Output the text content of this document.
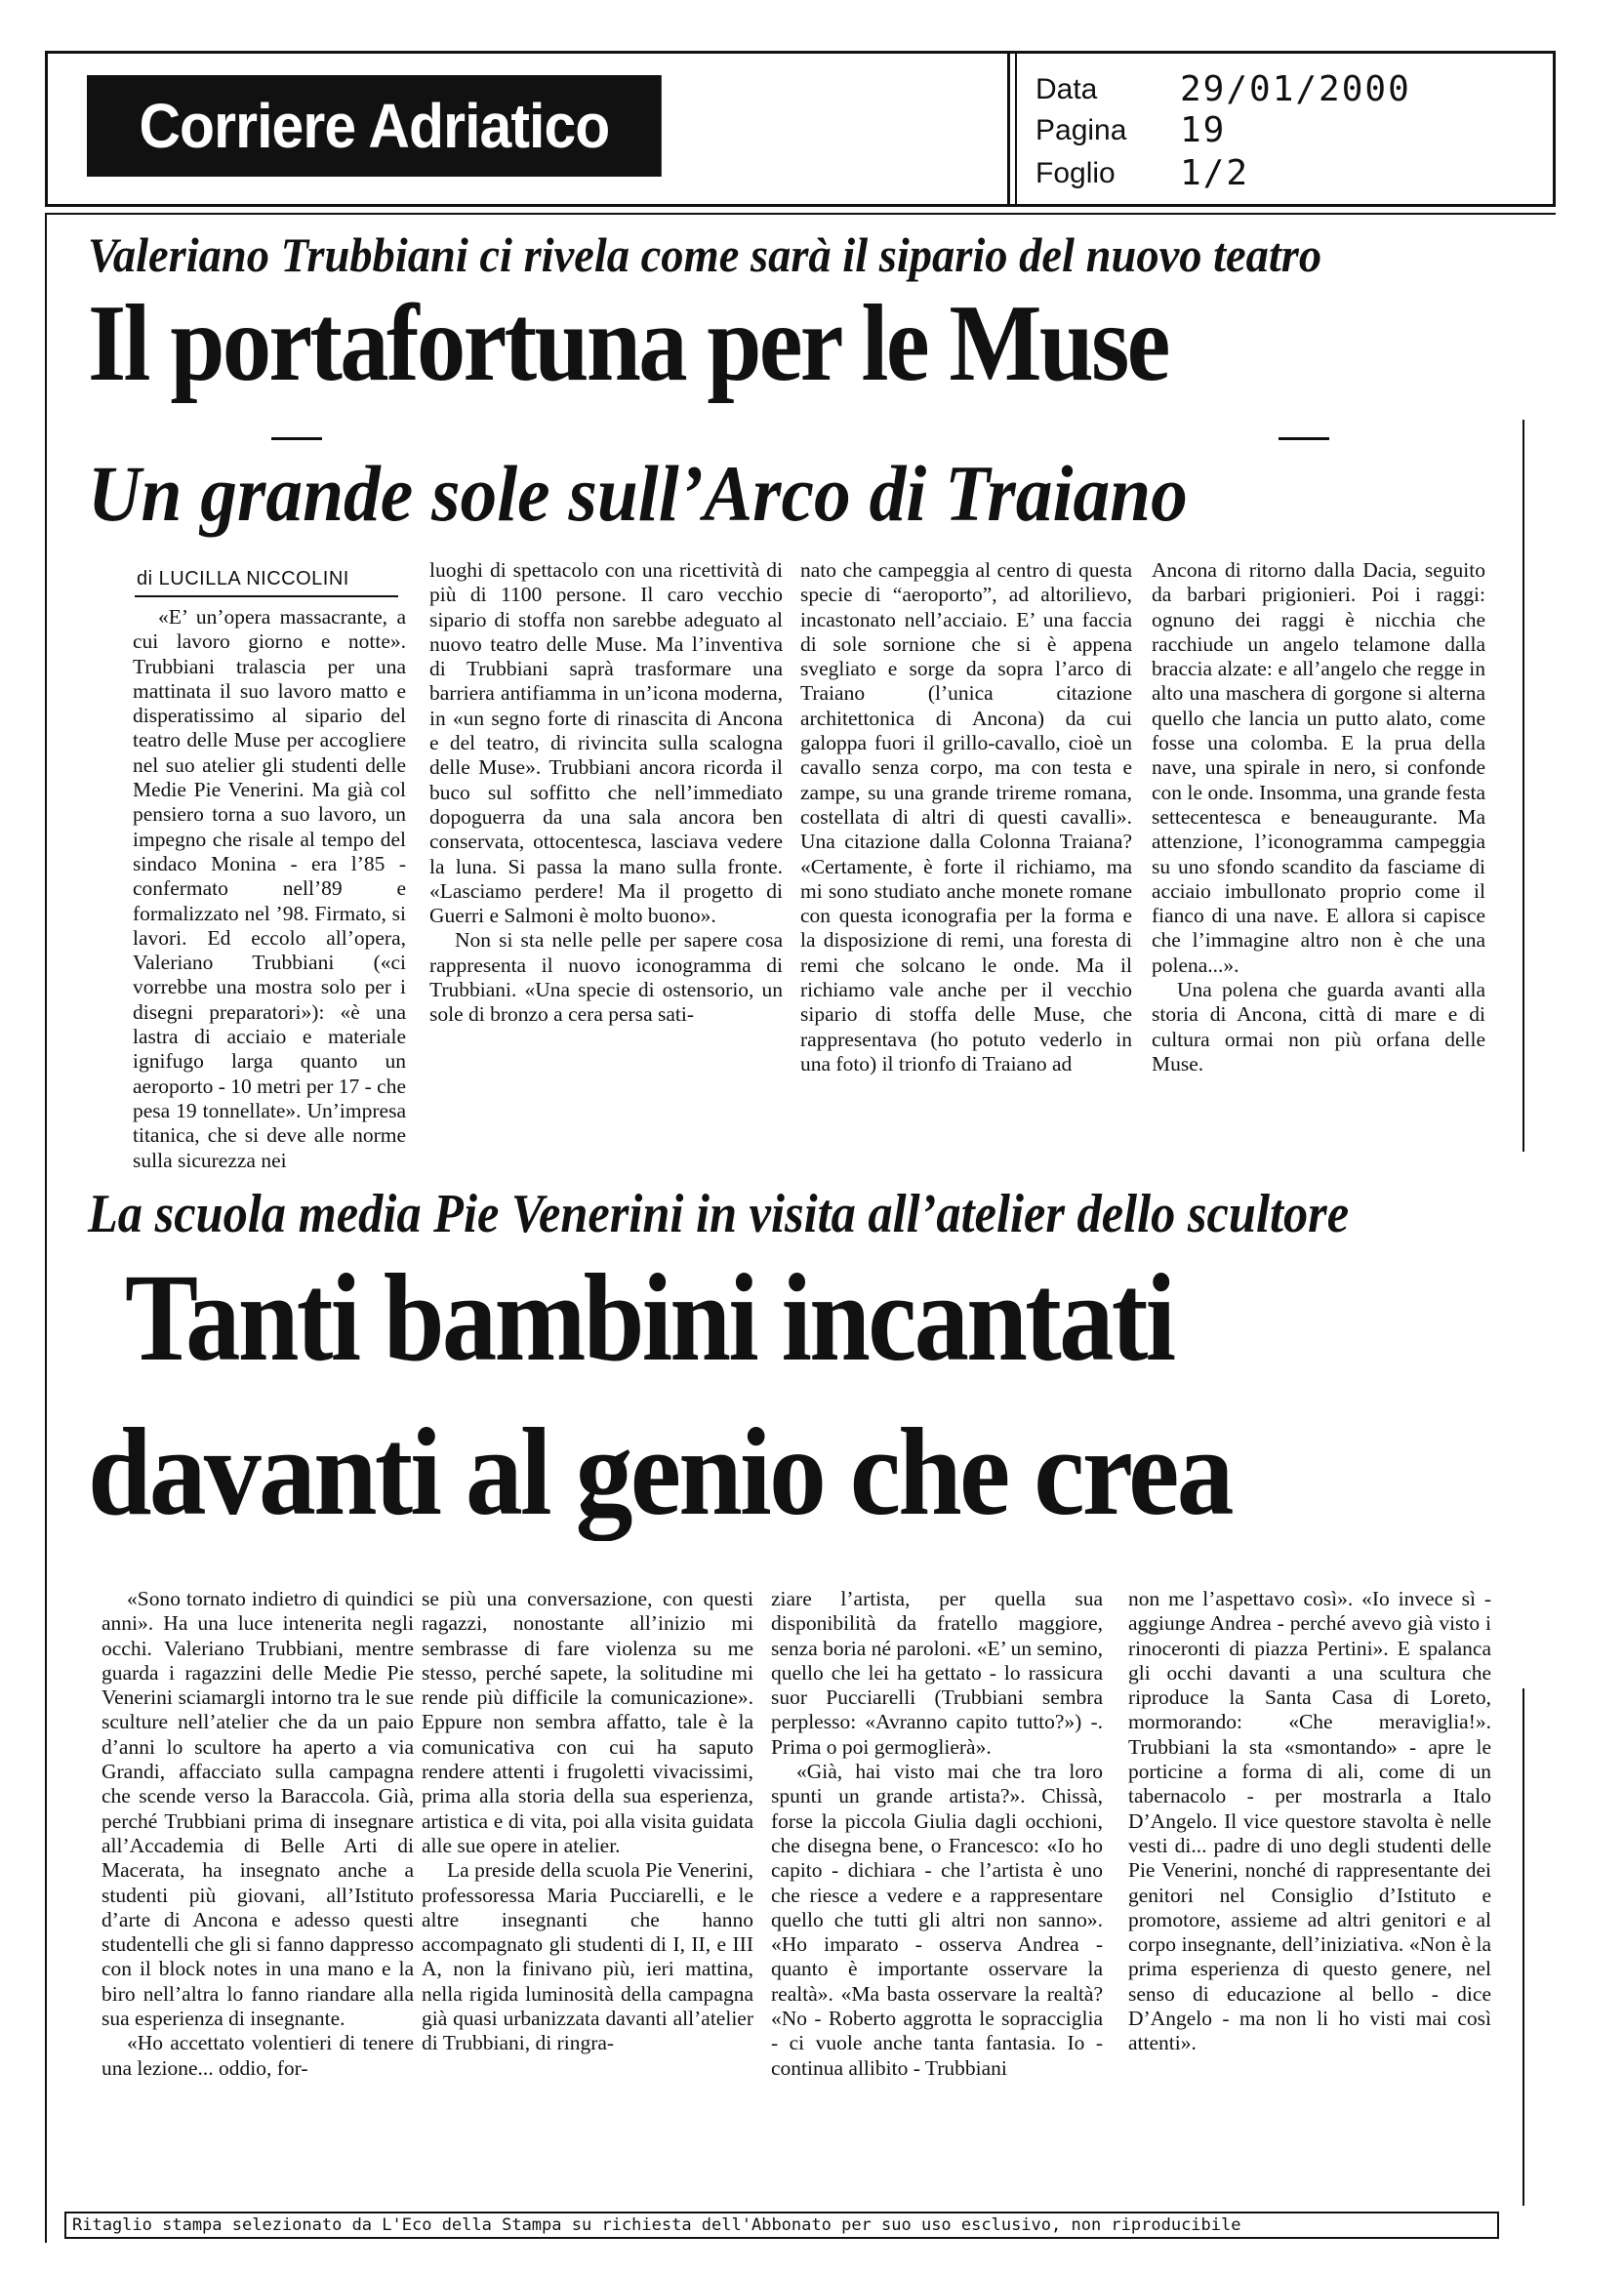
Corriere Adriatico
Data 29/01/2000
Pagina 19
Foglio 1/2
Valeriano Trubbiani ci rivela come sarà il sipario del nuovo teatro
Il portafortuna per le Muse
Un grande sole sull’Arco di Traiano
di LUCILLA NICCOLINI

«E’ un’opera massacrante, a cui lavoro giorno e notte». Trubbiani tralascia per una mattinata il suo lavoro matto e disperatissimo al sipario del teatro delle Muse per accogliere nel suo atelier gli studenti delle Medie Pie Venerini. Ma già col pensiero torna a suo lavoro, un impegno che risale al tempo del sindaco Monina - era l’85 - confermato nell’89 e formalizzato nel ’98. Firmato, si lavori. Ed eccolo all’opera, Valeriano Trubbiani («ci vorrebbe una mostra solo per i disegni preparatori»): «è una lastra di acciaio e materiale ignifugo larga quanto un aeroporto - 10 metri per 17 - che pesa 19 tonnellate». Un’impresa titanica, che si deve alle norme sulla sicurezza nei

luoghi di spettacolo con una ricettività di più di 1100 persone. Il caro vecchio sipario di stoffa non sarebbe adeguato al nuovo teatro delle Muse. Ma l’inventiva di Trubbiani saprà trasformare una barriera antifiamma in un’icona moderna, in «un segno forte di rinascita di Ancona e del teatro, di rivincita sulla scalogna delle Muse». Trubbiani ancora ricorda il buco sul soffitto che nell’immediato dopoguerra da una sala ancora ben conservata, ottocentesca, lasciava vedere la luna. Si passa la mano sulla fronte. «Lasciamo perdere! Ma il progetto di Guerri e Salmoni è molto buono».

Non si sta nelle pelle per sapere cosa rappresenta il nuovo iconogramma di Trubbiani. «Una specie di ostensorio, un sole di bronzo a cera persa sati-

nato che campeggia al centro di questa specie di “aeroporto”, ad altorilievo, incastonato nell’acciaio. E’ una faccia di sole sornione che si è appena svegliato e sorge da sopra l’arco di Traiano (l’unica citazione architettonica di Ancona) da cui galoppa fuori il grillo-cavallo, cioè un cavallo senza corpo, ma con testa e zampe, su una grande trireme romana, costellata di altri di questi cavalli». Una citazione dalla Colonna Traiana? «Certamente, è forte il richiamo, ma mi sono studiato anche monete romane con questa iconografia per la forma e la disposizione di remi, una foresta di remi che solcano le onde. Ma il richiamo vale anche per il vecchio sipario di stoffa delle Muse, che rappresentava (ho potuto vederlo in una foto) il trionfo di Traiano ad

Ancona di ritorno dalla Dacia, seguito da barbari prigionieri. Poi i raggi: ognuno dei raggi è nicchia che racchiude un angelo telamone dalla braccia alzate: e all’angelo che regge in alto una maschera di gorgone si alterna quello che lancia un putto alato, come fosse una colomba. E la prua della nave, una spirale in nero, si confonde con le onde. Insomma, una grande festa settecentesca e beneaugurante. Ma attenzione, l’iconogramma campeggia su uno sfondo scandito da fasciame di acciaio imbullonato proprio come il fianco di una nave. E allora si capisce che l’immagine altro non è che una polena...».

Una polena che guarda avanti alla storia di Ancona, città di mare e di cultura ormai non più orfana delle Muse.

La scuola media Pie Venerini in visita all’atelier dello scultore
Tanti bambini incantati
davanti al genio che crea

«Sono tornato indietro di quindici anni». Ha una luce intenerita negli occhi. Valeriano Trubbiani, mentre guarda i ragazzini delle Medie Pie Venerini sciamargli intorno tra le sue sculture nell’atelier che da un paio d’anni lo scultore ha aperto a via Grandi, affacciato sulla campagna che scende verso la Baraccola. Già, perché Trubbiani prima di insegnare all’Accademia di Belle Arti di Macerata, ha insegnato anche a studenti più giovani, all’Istituto d’arte di Ancona e adesso questi studentelli che gli si fanno dappresso con il block notes in una mano e la biro nell’altra lo fanno riandare alla sua esperienza di insegnante.

«Ho accettato volentieri di tenere una lezione... oddio, for-

se più una conversazione, con questi ragazzi, nonostante all’inizio mi sembrasse di fare violenza su me stesso, perché sapete, la solitudine mi rende più difficile la comunicazione». Eppure non sembra affatto, tale è la comunicativa con cui ha saputo rendere attenti i frugoletti vivacissimi, prima alla storia della sua esperienza, artistica e di vita, poi alla visita guidata alle sue opere in atelier.

La preside della scuola Pie Venerini, professoressa Maria Pucciarelli, e le altre insegnanti che hanno accompagnato gli studenti di I, II, e III A, non la finivano più, ieri mattina, nella rigida luminosità della campagna già quasi urbanizzata davanti all’atelier di Trubbiani, di ringra-

ziare l’artista, per quella sua disponibilità da fratello maggiore, senza boria né paroloni. «E’ un semino, quello che lei ha gettato - lo rassicura suor Pucciarelli (Trubbiani sembra perplesso: «Avranno capito tutto?») -. Prima o poi germoglierà».

«Già, hai visto mai che tra loro spunti un grande artista?». Chissà, forse la piccola Giulia dagli occhioni, che disegna bene, o Francesco: «Io ho capito - dichiara - che l’artista è uno che riesce a vedere e a rappresentare quello che tutti gli altri non sanno». «Ho imparato - osserva Andrea - quanto è importante osservare la realtà». «Ma basta osservare la realtà? «No - Roberto aggrotta le sopracciglia - ci vuole anche tanta fantasia. Io - continua allibito - Trubbiani

non me l’aspettavo così». «Io invece sì - aggiunge Andrea - perché avevo già visto i rinoceronti di piazza Pertini». E spalanca gli occhi davanti a una scultura che riproduce la Santa Casa di Loreto, mormorando: «Che meraviglia!». Trubbiani la sta «smontando» - apre le porticine a forma di ali, come di un tabernacolo - per mostrarla a Italo D’Angelo. Il vice questore stavolta è nelle vesti di... padre di uno degli studenti delle Pie Venerini, nonché di rappresentante dei genitori nel Consiglio d’Istituto e promotore, assieme ad altri genitori e al corpo insegnante, dell’iniziativa. «Non è la prima esperienza di questo genere, nel senso di educazione al bello - dice D’Angelo - ma non li ho visti mai così attenti».

Ritaglio stampa selezionato da L'Eco della Stampa su richiesta dell'Abbonato per suo uso esclusivo, non riproducibile
